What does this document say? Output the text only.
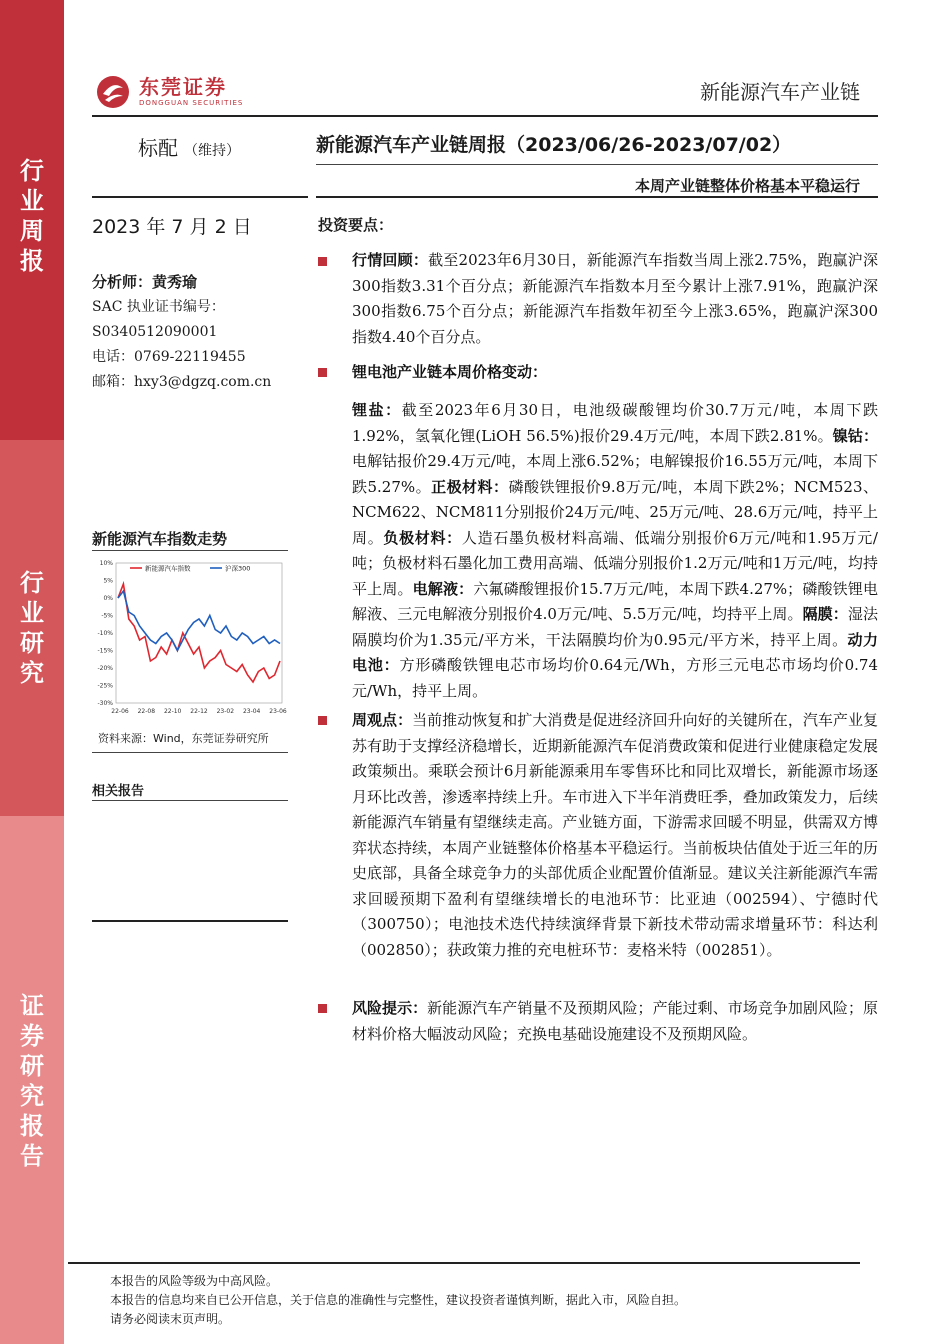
行
业
周
报
行
业
研
究
证
券
研
究
报
告
东莞证券
DONGGUAN SECURITIES	新能源汽车产业链
标配 （维持）	新能源汽车产业链周报（2023/06/26-2023/07/02）
本周产业链整体价格基本平稳运行
2023 年 7 月 2 日
分析师：黄秀瑜
SAC 执业证书编号：
S0340512090001
电话：0769-22119455
邮箱：hxy3@dgzq.com.cn
新能源汽车指数走势
10%
5%
0%
-5%
-10%
-15%
-20%
-25%
-30%
22-06 22-08 22-10 22-12 23-02 23-04 23-06
新能源汽车指数	沪深300
资料来源：Wind，东莞证券研究所
相关报告
投资要点：
行情回顾：截至2023年6月30日，新能源汽车指数当周上涨2.75%，跑赢沪深300指数3.31个百分点；新能源汽车指数本月至今累计上涨7.91%，跑赢沪深300指数6.75个百分点；新能源汽车指数年初至今上涨3.65%，跑赢沪深300指数4.40个百分点。
锂电池产业链本周价格变动：
锂盐：截至2023年6月30日，电池级碳酸锂均价30.7万元/吨，本周下跌1.92%，氢氧化锂(LiOH 56.5%)报价29.4万元/吨，本周下跌2.81%。镍钴：电解钴报价29.4万元/吨，本周上涨6.52%；电解镍报价16.55万元/吨，本周下跌5.27%。正极材料：磷酸铁锂报价9.8万元/吨，本周下跌2%；NCM523、NCM622、NCM811分别报价24万元/吨、25万元/吨、28.6万元/吨，持平上周。负极材料：人造石墨负极材料高端、低端分别报价6万元/吨和1.95万元/吨；负极材料石墨化加工费用高端、低端分别报价1.2万元/吨和1万元/吨，均持平上周。电解液：六氟磷酸锂报价15.7万元/吨，本周下跌4.27%；磷酸铁锂电解液、三元电解液分别报价4.0万元/吨、5.5万元/吨，均持平上周。隔膜：湿法隔膜均价为1.35元/平方米，干法隔膜均价为0.95元/平方米，持平上周。动力电池：方形磷酸铁锂电芯市场均价0.64元/Wh，方形三元电芯市场均价0.74元/Wh，持平上周。
周观点：当前推动恢复和扩大消费是促进经济回升向好的关键所在，汽车产业复苏有助于支撑经济稳增长，近期新能源汽车促消费政策和促进行业健康稳定发展政策频出。乘联会预计6月新能源乘用车零售环比和同比双增长，新能源市场逐月环比改善，渗透率持续上升。车市进入下半年消费旺季，叠加政策发力，后续新能源汽车销量有望继续走高。产业链方面，下游需求回暖不明显，供需双方博弈状态持续，本周产业链整体价格基本平稳运行。当前板块估值处于近三年的历史底部，具备全球竞争力的头部优质企业配置价值渐显。建议关注新能源汽车需求回暖预期下盈利有望继续增长的电池环节：比亚迪（002594）、宁德时代（300750）；电池技术迭代持续演绎背景下新技术带动需求增量环节：科达利（002850）；获政策力推的充电桩环节：麦格米特（002851）。
风险提示：新能源汽车产销量不及预期风险；产能过剩、市场竞争加剧风险；原材料价格大幅波动风险；充换电基础设施建设不及预期风险。
本报告的风险等级为中高风险。
本报告的信息均来自已公开信息，关于信息的准确性与完整性，建议投资者谨慎判断，据此入市，风险自担。
请务必阅读末页声明。
